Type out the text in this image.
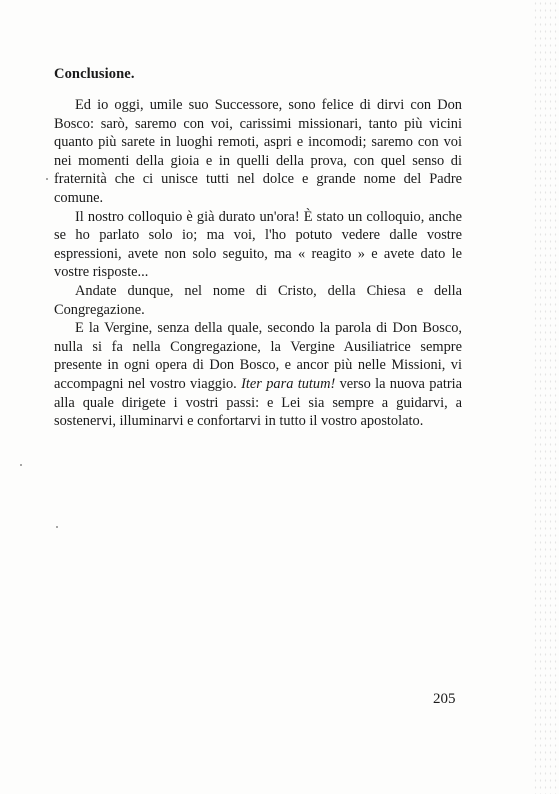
Conclusione.

Ed io oggi, umile suo Successore, sono felice di dirvi con Don Bosco: sarò, saremo con voi, carissimi missionari, tanto più vicini quanto più sarete in luoghi remoti, aspri e incomodi; saremo con voi nei momenti della gioia e in quelli della prova, con quel senso di fraternità che ci unisce tutti nel dolce e grande nome del Padre comune.

Il nostro colloquio è già durato un'ora! È stato un colloquio, anche se ho parlato solo io; ma voi, l'ho potuto vedere dalle vostre espressioni, avete non solo seguito, ma « reagito » e avete dato le vostre risposte...

Andate dunque, nel nome di Cristo, della Chiesa e della Congregazione.

E la Vergine, senza della quale, secondo la parola di Don Bosco, nulla si fa nella Congregazione, la Vergine Ausiliatrice sempre presente in ogni opera di Don Bosco, e ancor più nelle Missioni, vi accompagni nel vostro viaggio. Iter para tutum! verso la nuova patria alla quale dirigete i vostri passi: e Lei sia sempre a guidarvi, a sostenervi, illuminarvi e confortarvi in tutto il vostro apostolato.

205
